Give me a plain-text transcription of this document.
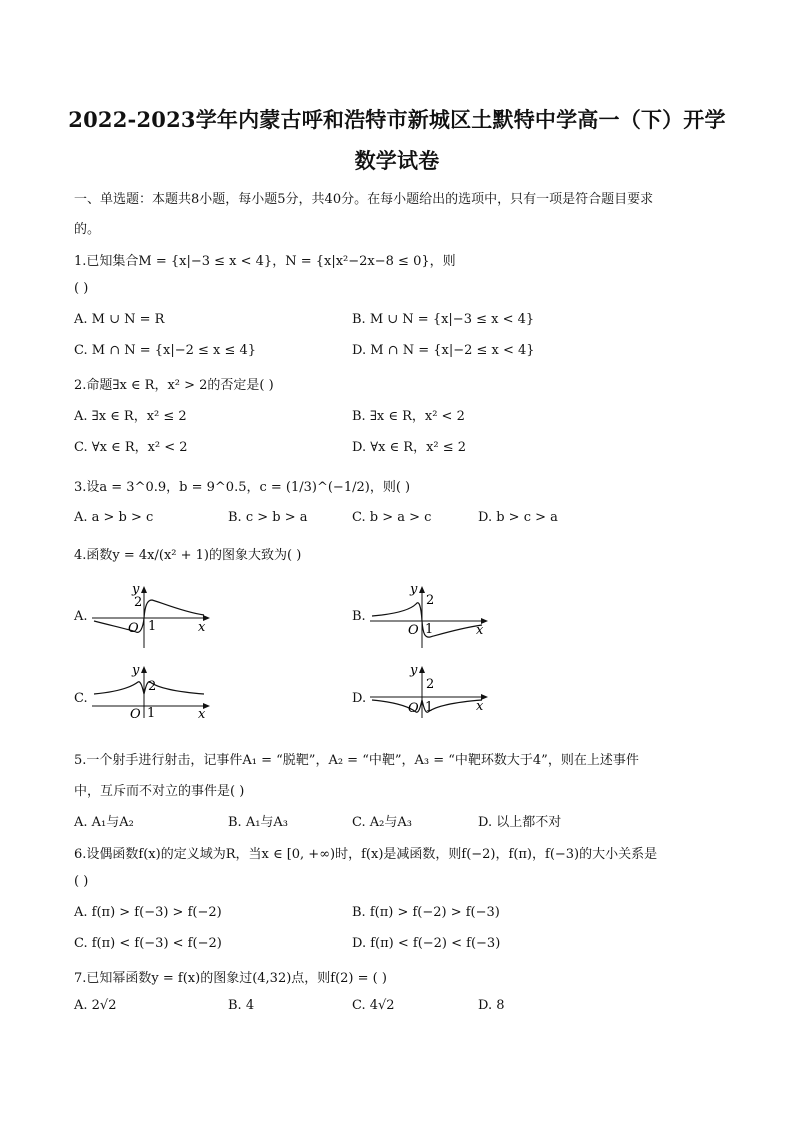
2022-2023学年内蒙古呼和浩特市新城区土默特中学高一（下）开学
数学试卷
一、单选题：本题共8小题，每小题5分，共40分。在每小题给出的选项中，只有一项是符合题目要求
的。
1.已知集合M = {x|−3 ≤ x < 4}，N = {x|x²−2x−8 ≤ 0}，则
( )
A. M ∪ N = R	B. M ∪ N = {x|−3 ≤ x < 4}
C. M ∩ N = {x|−2 ≤ x ≤ 4}	D. M ∩ N = {x|−2 ≤ x < 4}
2.命题∃x ∈ R，x² > 2的否定是( )
A. ∃x ∈ R，x² ≤ 2	B. ∃x ∈ R，x² < 2
C. ∀x ∈ R，x² < 2	D. ∀x ∈ R，x² ≤ 2
3.设a = 3^0.9，b = 9^0.5，c = (1/3)^(−1/2)，则( )
A. a > b > c	B. c > b > a	C. b > a > c	D. b > c > a
4.函数y = 4x/(x² + 1)的图象大致为( )
A.
y
2
O 1	x
B.
y
2
O 1	x
C.
y
2
O 1	x
D.
y
2
O 1	x
5.一个射手进行射击，记事件A₁ = “脱靶”，A₂ = “中靶”，A₃ = “中靶环数大于4”，则在上述事件
中，互斥而不对立的事件是( )
A. A₁与A₂	B. A₁与A₃	C. A₂与A₃	D. 以上都不对
6.设偶函数f(x)的定义域为R，当x ∈ [0, +∞)时，f(x)是减函数，则f(−2)，f(π)，f(−3)的大小关系是
( )
A. f(π) > f(−3) > f(−2)	B. f(π) > f(−2) > f(−3)
C. f(π) < f(−3) < f(−2)	D. f(π) < f(−2) < f(−3)
7.已知幂函数y = f(x)的图象过(4,32)点，则f(2) = ( )
A. 2√2	B. 4	C. 4√2	D. 8
